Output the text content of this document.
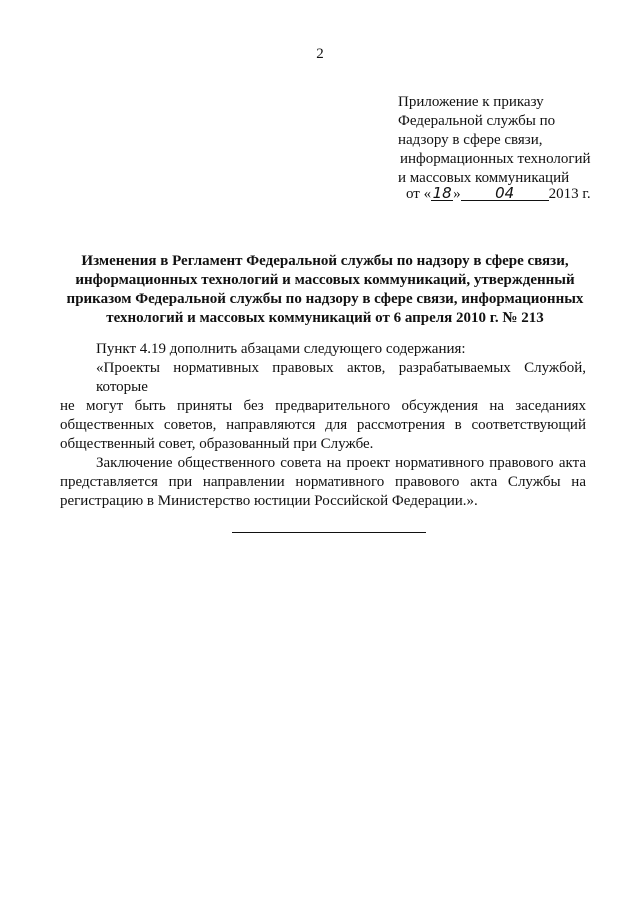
2
Приложение к приказу
Федеральной службы по
надзору в сфере связи,
информационных технологий
и массовых коммуникаций
от «18» 04 2013 г.
Изменения в Регламент Федеральной службы по надзору в сфере связи,
информационных технологий и массовых коммуникаций, утвержденный
приказом Федеральной службы по надзору в сфере связи, информационных
технологий и массовых коммуникаций от 6 апреля 2010 г. № 213
Пункт 4.19 дополнить абзацами следующего содержания:
«Проекты нормативных правовых актов, разрабатываемых Службой, которые
не могут быть приняты без предварительного обсуждения на заседаниях
общественных советов, направляются для рассмотрения в соответствующий
общественный совет, образованный при Службе.
Заключение общественного совета на проект нормативного правового акта
представляется при направлении нормативного правового акта Службы на
регистрацию в Министерство юстиции Российской Федерации.».
